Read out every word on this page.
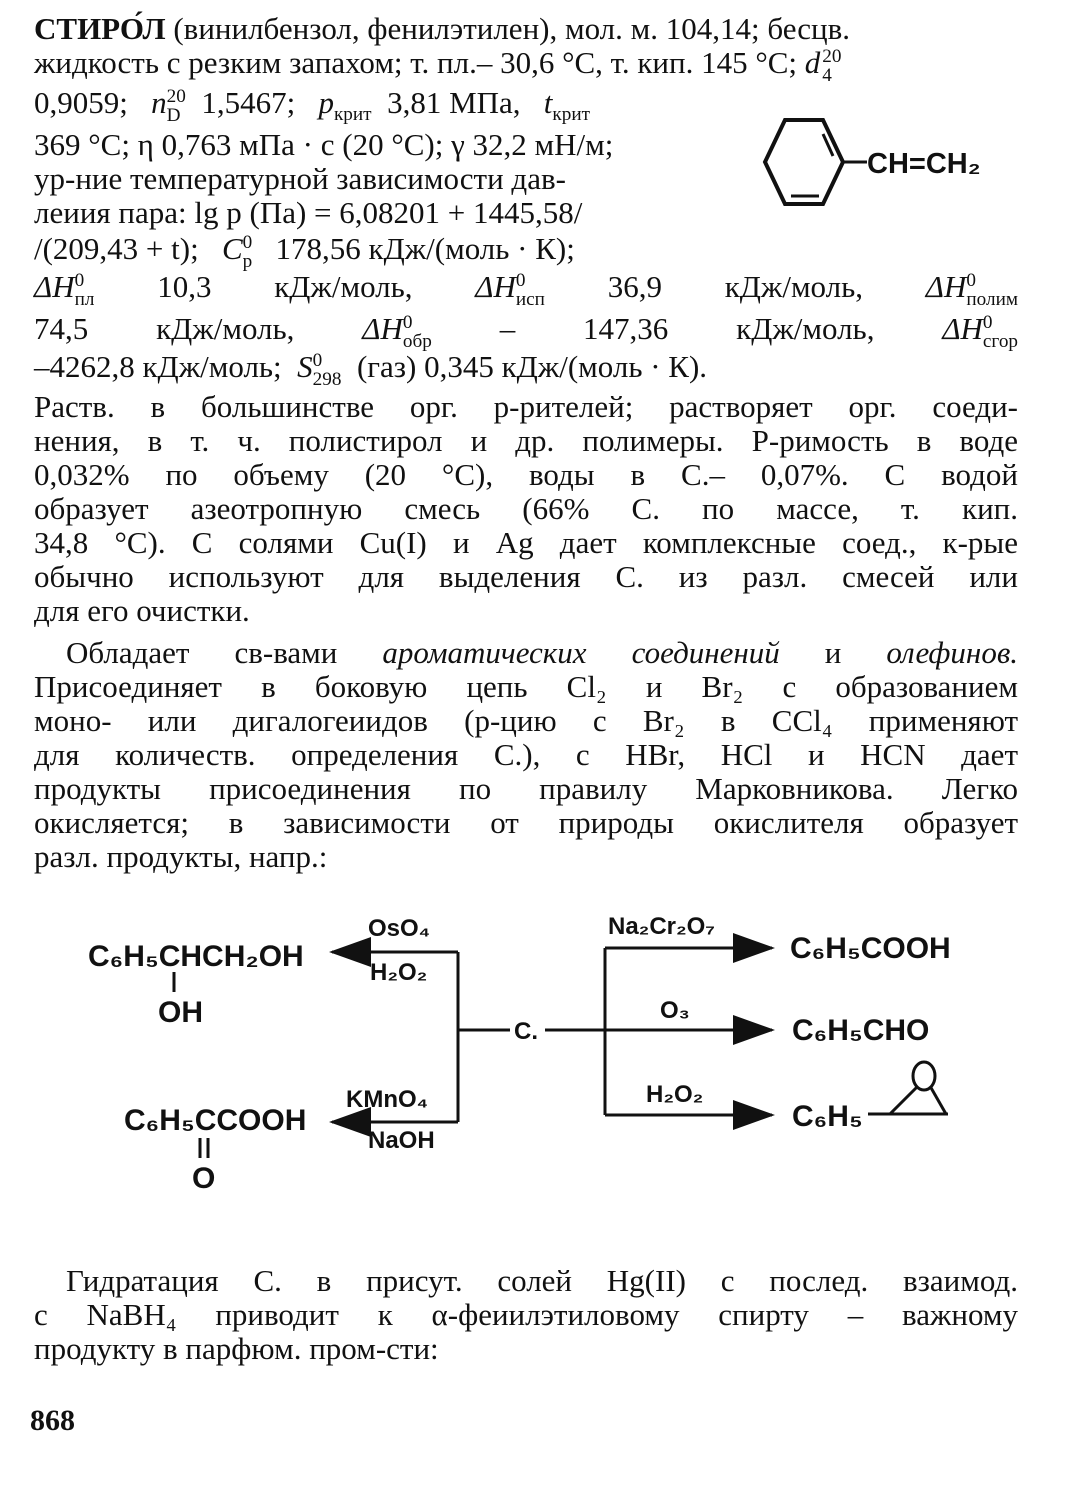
СТИРО́Л (винилбензол, фенилэтилен), мол. м. 104,14; бесцв.
жидкость с резким запахом; т. пл.– 30,6 °С, т. кип. 145 °С; d 20
4
0,9059; n 20
D 1,5467; $p_{крит}$ 3,81 МПа, $t_{крит}$
369 °С; η 0,763 мПа · с (20 °С); γ 32,2 мН/м;
ур-ние температурной зависимости дав-
леиия пара: lg p (Па) = 6,08201 + 1445,58/
CH=CH₂
/(209,43 + t); C 0
p 178,56 кДж/(моль · К);
ΔH 0
пл 10,3 кДж/моль, ΔH 0
исп 36,9 кДж/моль, ΔH 0
полим
74,5 кДж/моль, ΔH 0
обр – 147,36 кДж/моль, ΔH 0
сгор
–4262,8 кДж/моль; S 0
298 (газ) 0,345 кДж/(моль · К).
Раств. в большинстве орг. р-рителей; растворяет орг. соеди-
нения, в т. ч. полистирол и др. полимеры. Р-римость в воде
0,032% по объему (20 °С), воды в С.– 0,07%. С водой
образует азеотропную смесь (66% С. по массе, т. кип.
34,8 °С). С солями Cu(I) и Ag дает комплексные соед., к-рые
обычно используют для выделения С. из разл. смесей или
для его очистки.
Обладает св-вами ароматических соединений и олефинов.
Присоединяет в боковую цепь Cl₂ и Br₂ с образованием
моно- или дигалогеиидов (р-цию с Br₂ в CCl₄ применяют
для количеств. определения С.), с HBr, HCl и HCN дает
продукты присоединения по правилу Марковникова. Легко
окисляется; в зависимости от природы окислителя образует
разл. продукты, напр.:
С.
C₆H₅CHCH₂OH
OH
OsO₄
H₂O₂
C₆H₅CCOOH
O
KMnO₄
NaOH
Na₂Cr₂O₇
C₆H₅COOH
O₃
C₆H₅CHO
H₂O₂
C₆H₅
Гидратация С. в присут. солей Hg(II) с послед. взаимод.
с NaBH₄ приводит к α-феиилэтиловому спирту – важному
продукту в парфюм. пром-сти:
868
